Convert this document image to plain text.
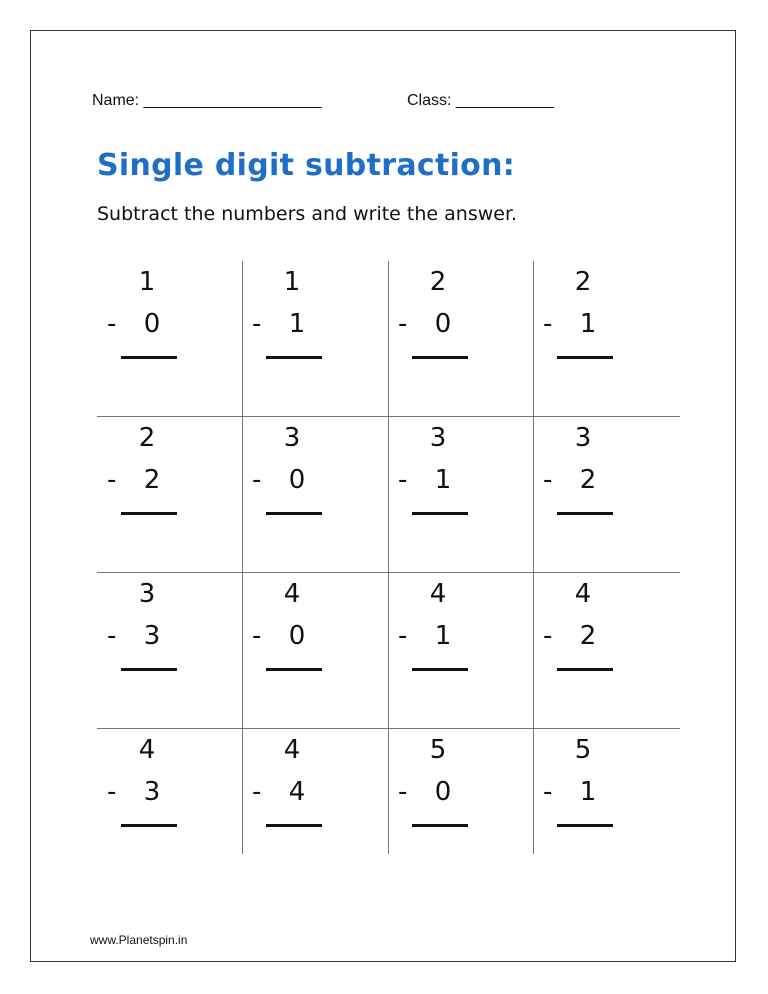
Name: ____________________	Class: ___________
Single digit subtraction:
Subtract the numbers and write the answer.
1
- 0
1
- 1
2
- 0
2
- 1
2
- 2
3
- 0
3
- 1
3
- 2
3
- 3
4
- 0
4
- 1
4
- 2
4
- 3
4
- 4
5
- 0
5
- 1
www.Planetspin.in
